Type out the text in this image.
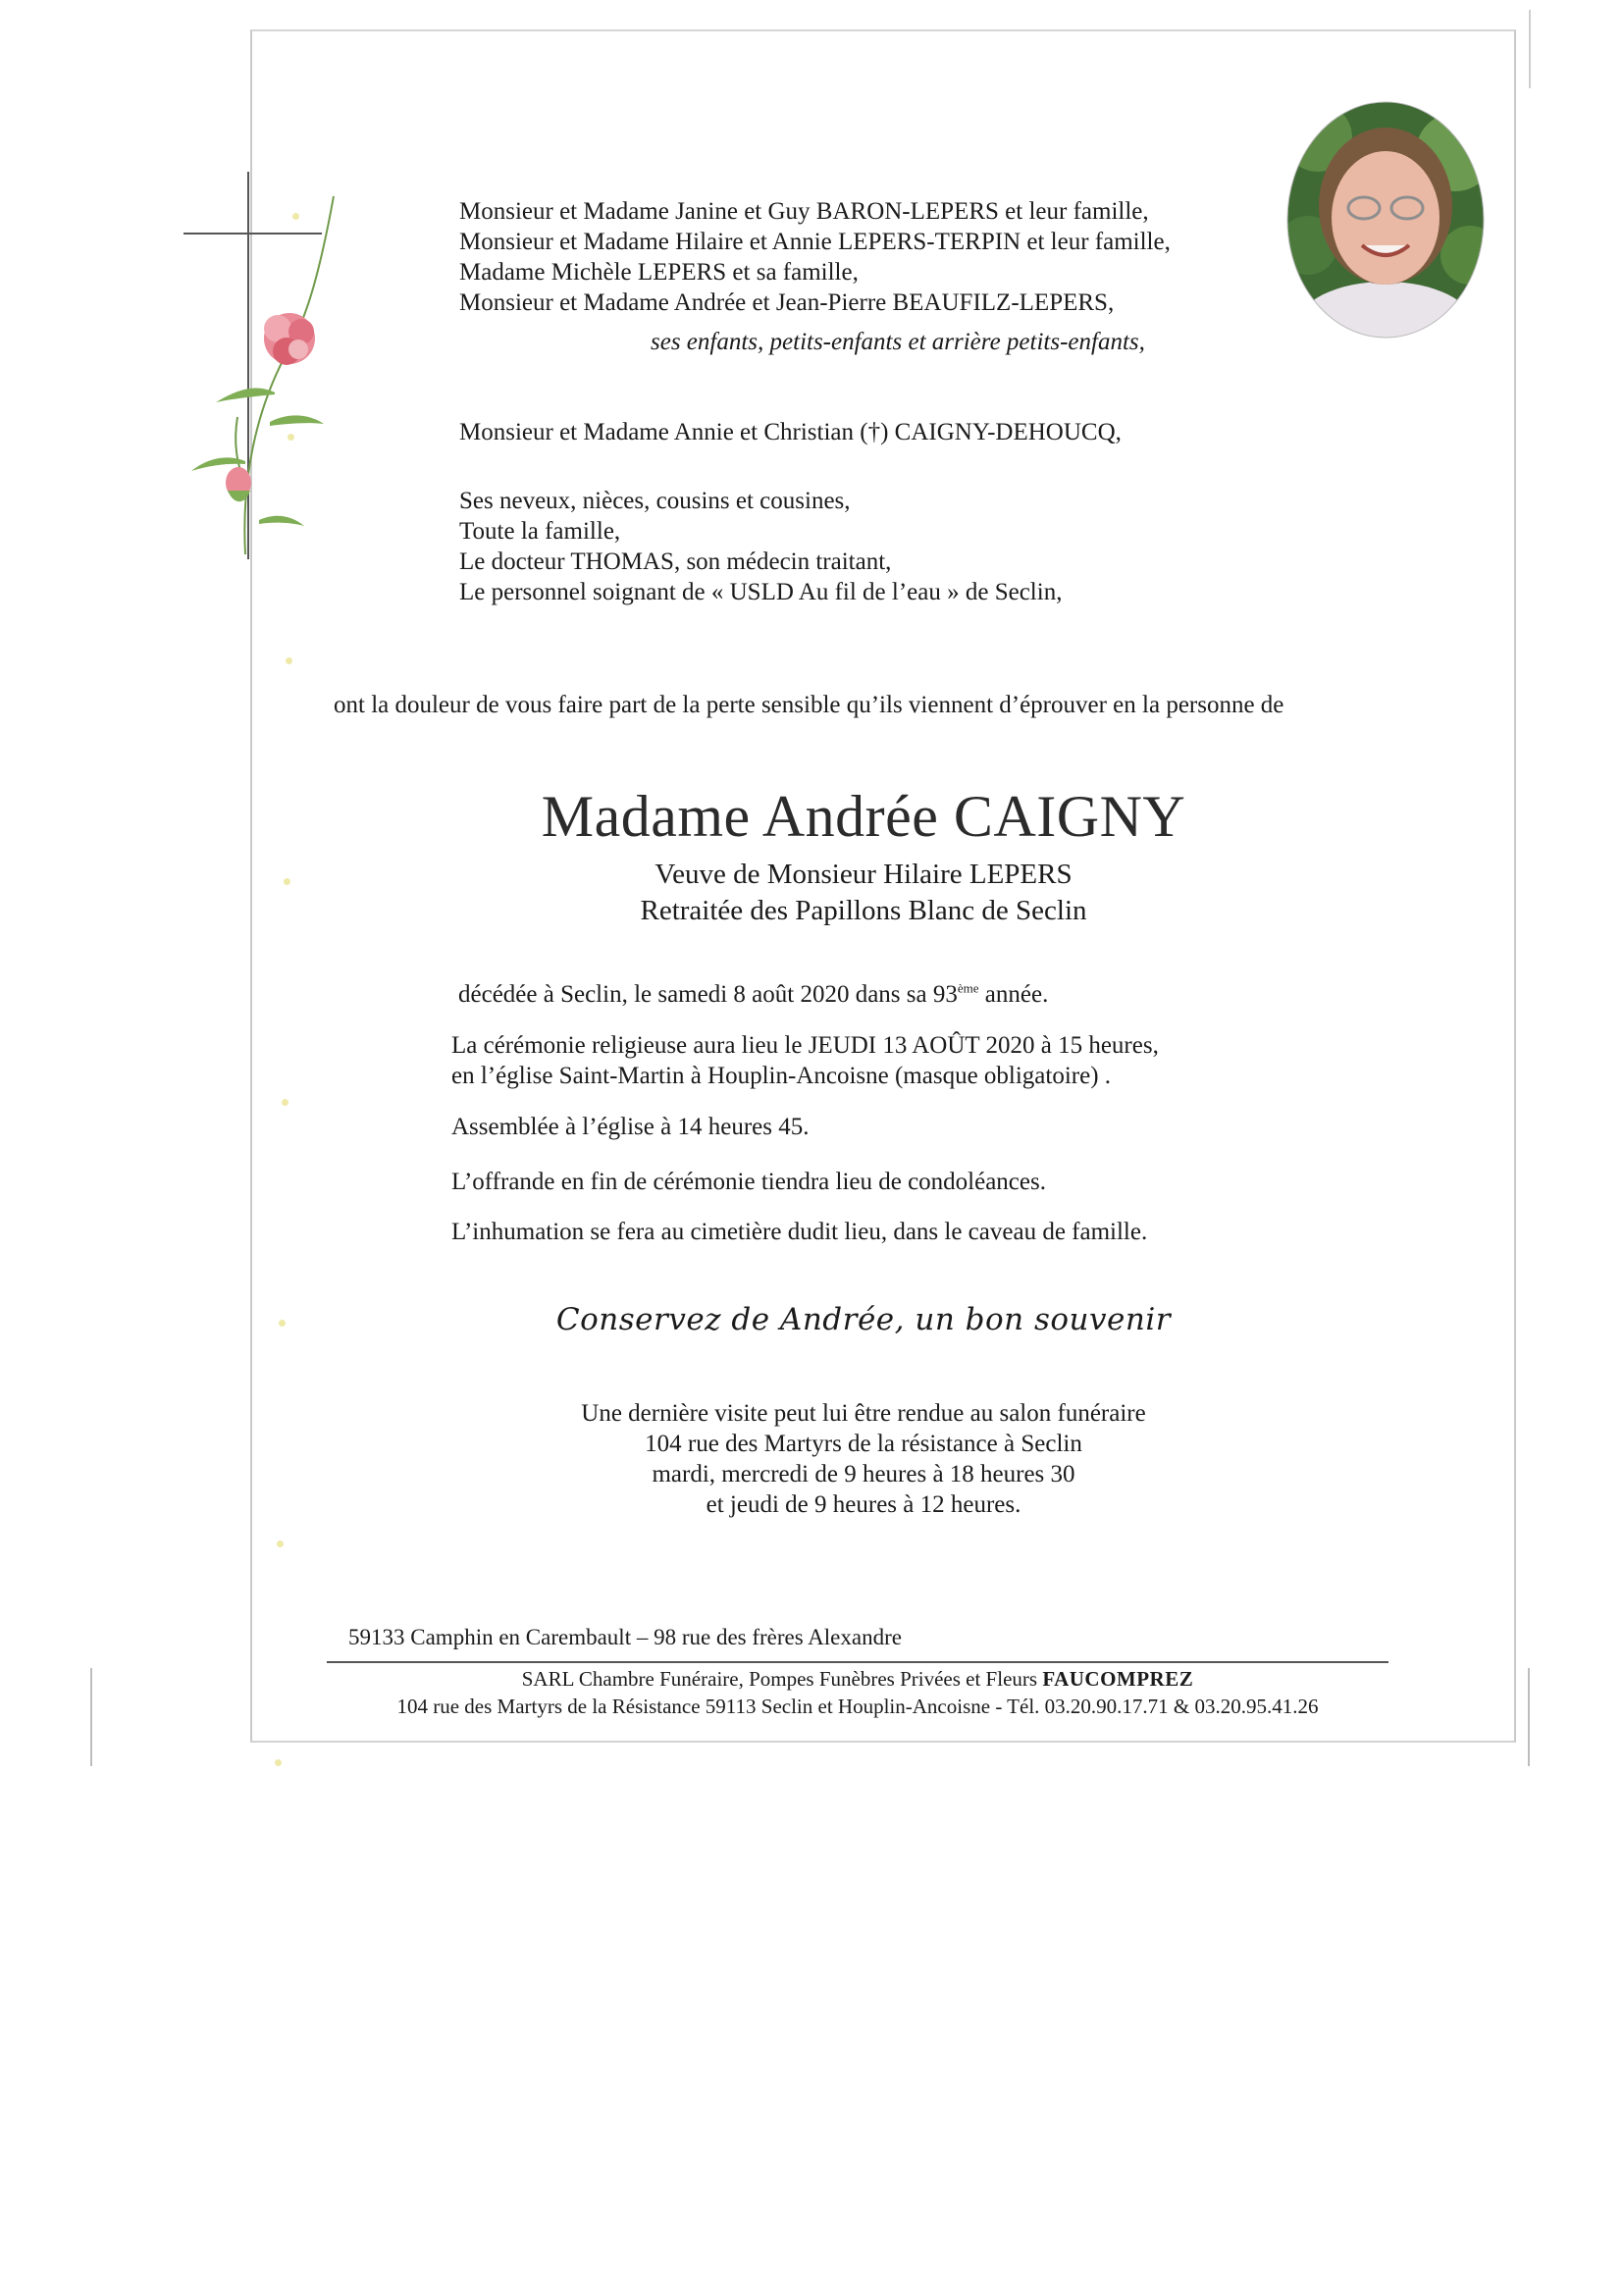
Monsieur et Madame Janine et Guy BARON-LEPERS et leur famille,
Monsieur et Madame Hilaire et Annie LEPERS-TERPIN et leur famille,
Madame Michèle LEPERS et sa famille,
Monsieur et Madame Andrée et Jean-Pierre BEAUFILZ-LEPERS,
ses enfants, petits-enfants et arrière petits-enfants,
Monsieur et Madame Annie et Christian (†) CAIGNY-DEHOUCQ,
Ses neveux, nièces, cousins et cousines,
Toute la famille,
Le docteur THOMAS, son médecin traitant,
Le personnel soignant de « USLD Au fil de l’eau » de Seclin,
ont la douleur de vous faire part de la perte sensible qu’ils viennent d’éprouver en la personne de
Madame Andrée CAIGNY
Veuve de Monsieur Hilaire LEPERS
Retraitée des Papillons Blanc de Seclin
décédée à Seclin, le samedi 8 août 2020 dans sa 93ème année.
La cérémonie religieuse aura lieu le JEUDI 13 AOÛT 2020 à 15 heures,
en l’église Saint-Martin à Houplin-Ancoisne (masque obligatoire) .
Assemblée à l’église à 14 heures 45.
L’offrande en fin de cérémonie tiendra lieu de condoléances.
L’inhumation se fera au cimetière dudit lieu, dans le caveau de famille.
Conservez de Andrée, un bon souvenir
Une dernière visite peut lui être rendue au salon funéraire
104 rue des Martyrs de la résistance à Seclin
mardi, mercredi de 9 heures à 18 heures 30
et jeudi de 9 heures à 12 heures.
59133 Camphin en Carembault – 98 rue des frères Alexandre
SARL Chambre Funéraire, Pompes Funèbres Privées et Fleurs FAUCOMPREZ
104 rue des Martyrs de la Résistance 59113 Seclin et Houplin-Ancoisne - Tél. 03.20.90.17.71 & 03.20.95.41.26
